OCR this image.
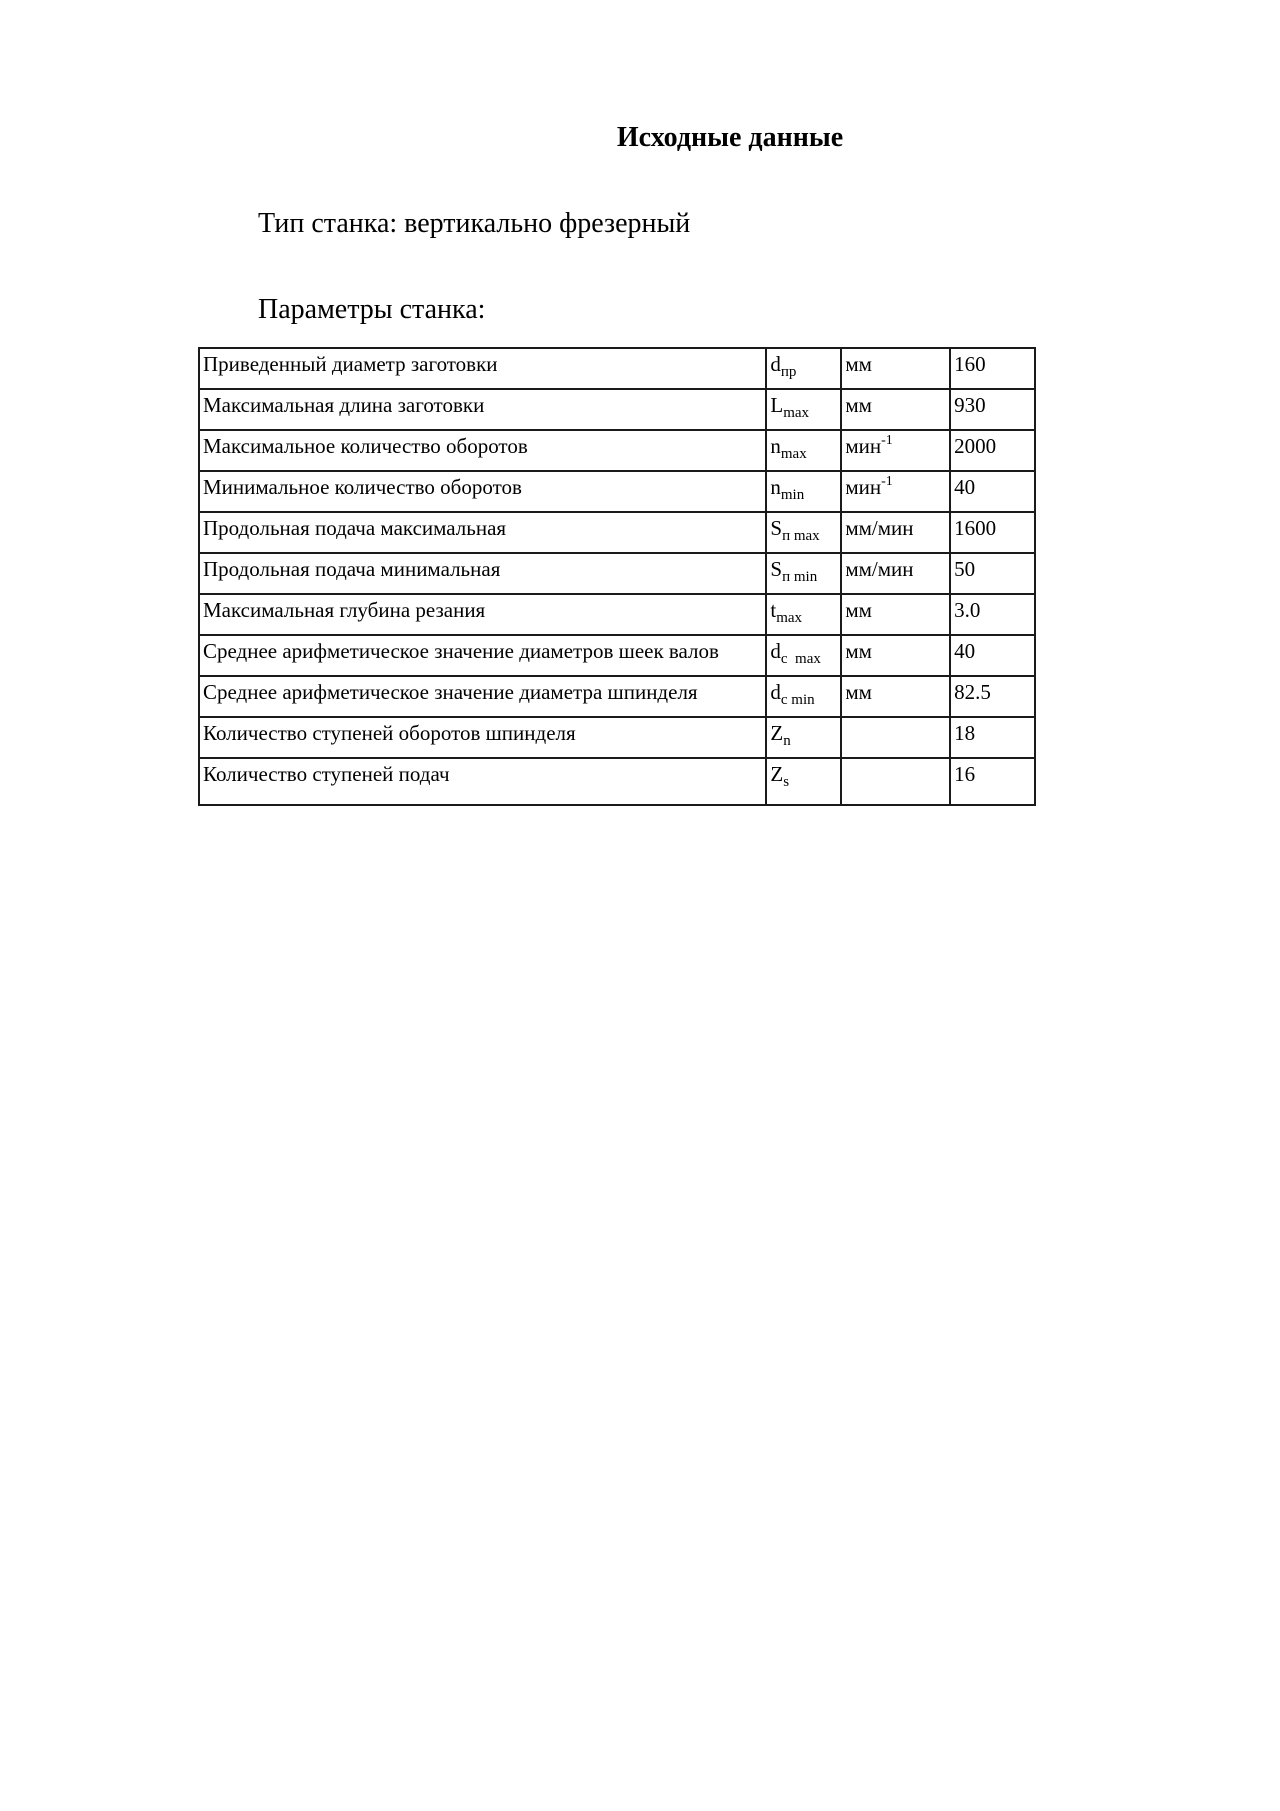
Исходные данные
Тип станка: вертикально фрезерный
Параметры станка:
Приведенный диаметр заготовки	$d_{пр}$	мм	160
Максимальная длина заготовки	$L_{max}$	мм	930
Максимальное количество оборотов	$n_{max}$	мин$^{-1}$	2000
Минимальное количество оборотов	$n_{min}$	мин$^{-1}$	40
Продольная подача максимальная	$S_{п max}$	мм/мин	1600
Продольная подача минимальная	$S_{п min}$	мм/мин	50
Максимальная глубина резания	$t_{max}$	мм	3.0
Среднее арифметическое значение диаметров шеек валов	$d_{c max}$	мм	40
Среднее арифметическое значение диаметра шпинделя	$d_{c min}$	мм	82.5
Количество ступеней оборотов шпинделя	$Z_n$		18
Количество ступеней подач	$Z_s$		16
